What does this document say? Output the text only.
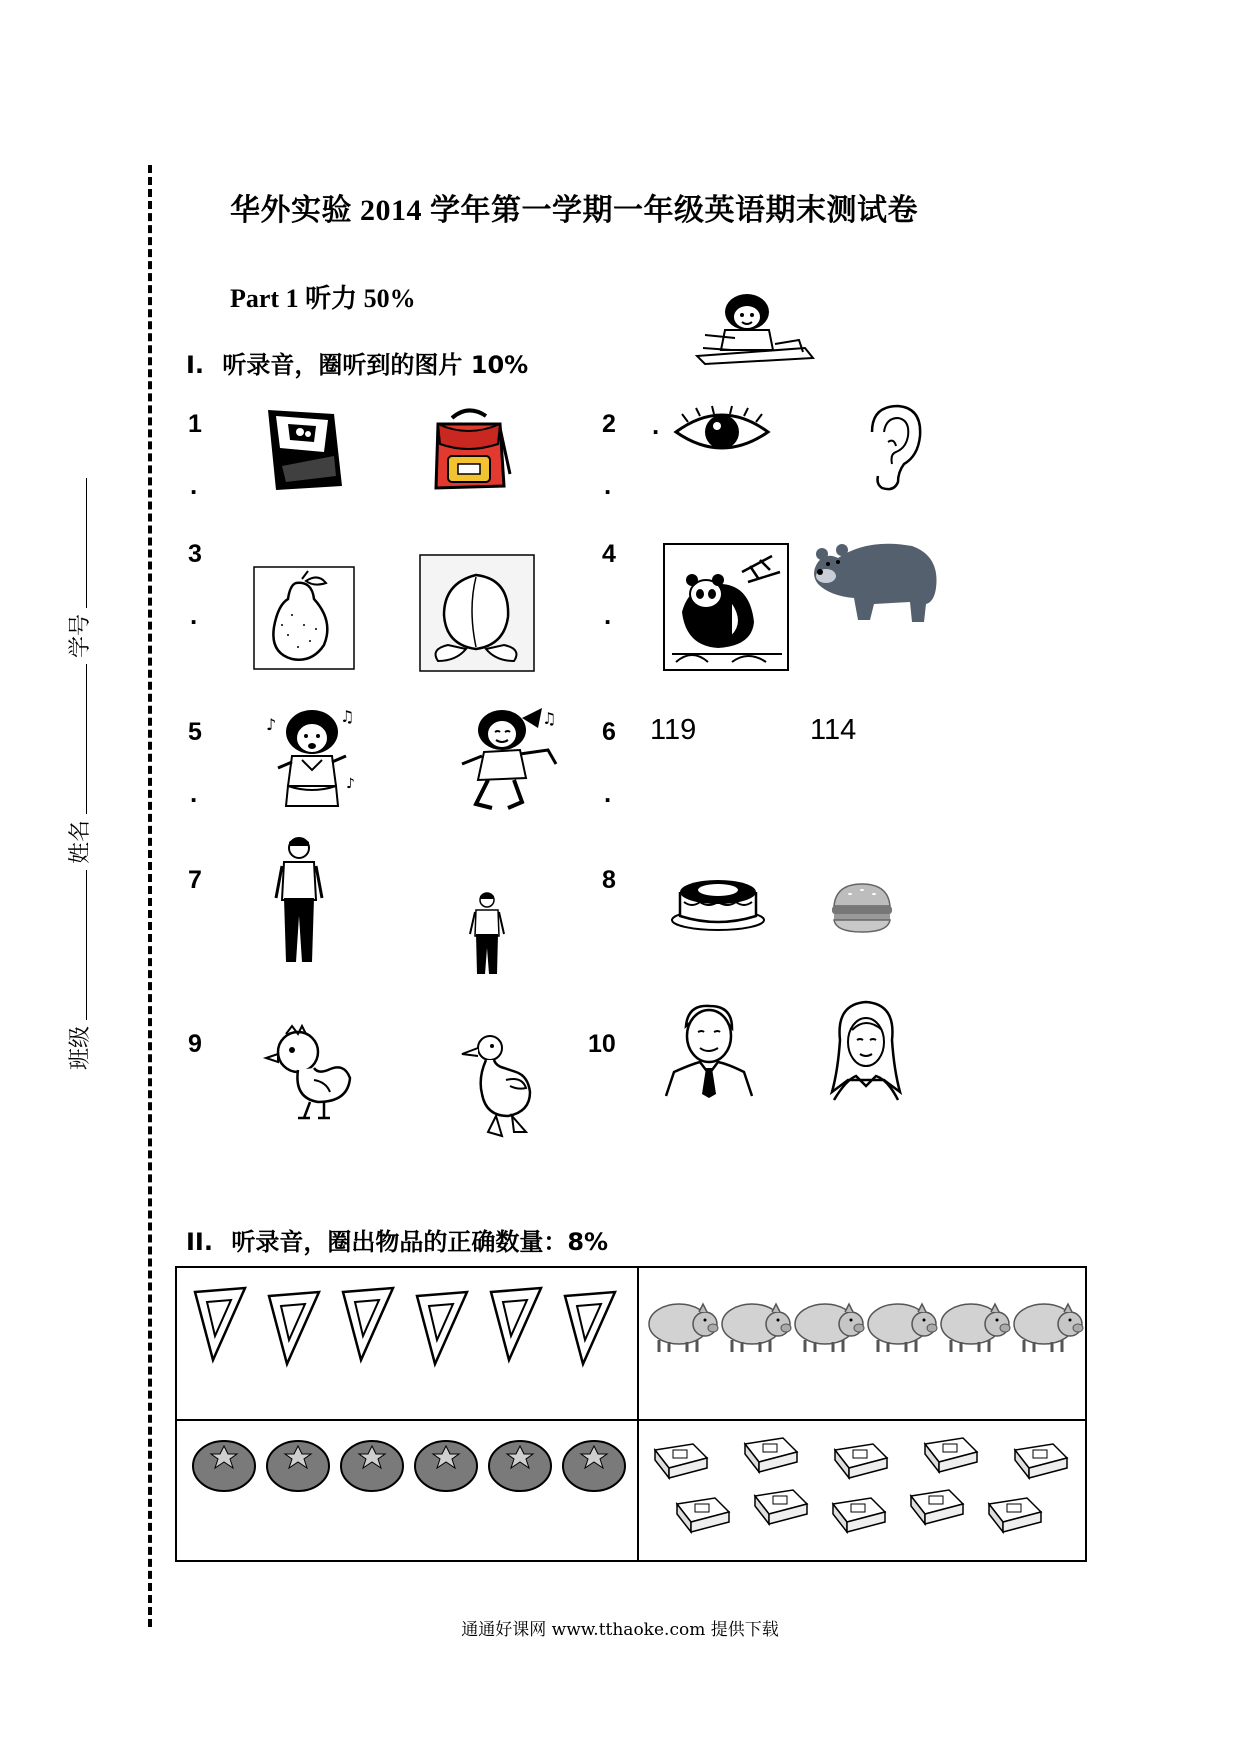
班级
姓名
学号
华外实验 2014 学年第一学期一年级英语期末测试卷
Part 1 听力 50%
I. 听录音，圈听到的图片 10%
1
.
2
.
3
.
4
.
5
.
6
.
7	8
9	10
.
♪	♫
♪
♫	119	114
II. 听录音，圈出物品的正确数量：8%
通通好课网 www.tthaoke.com 提供下载
